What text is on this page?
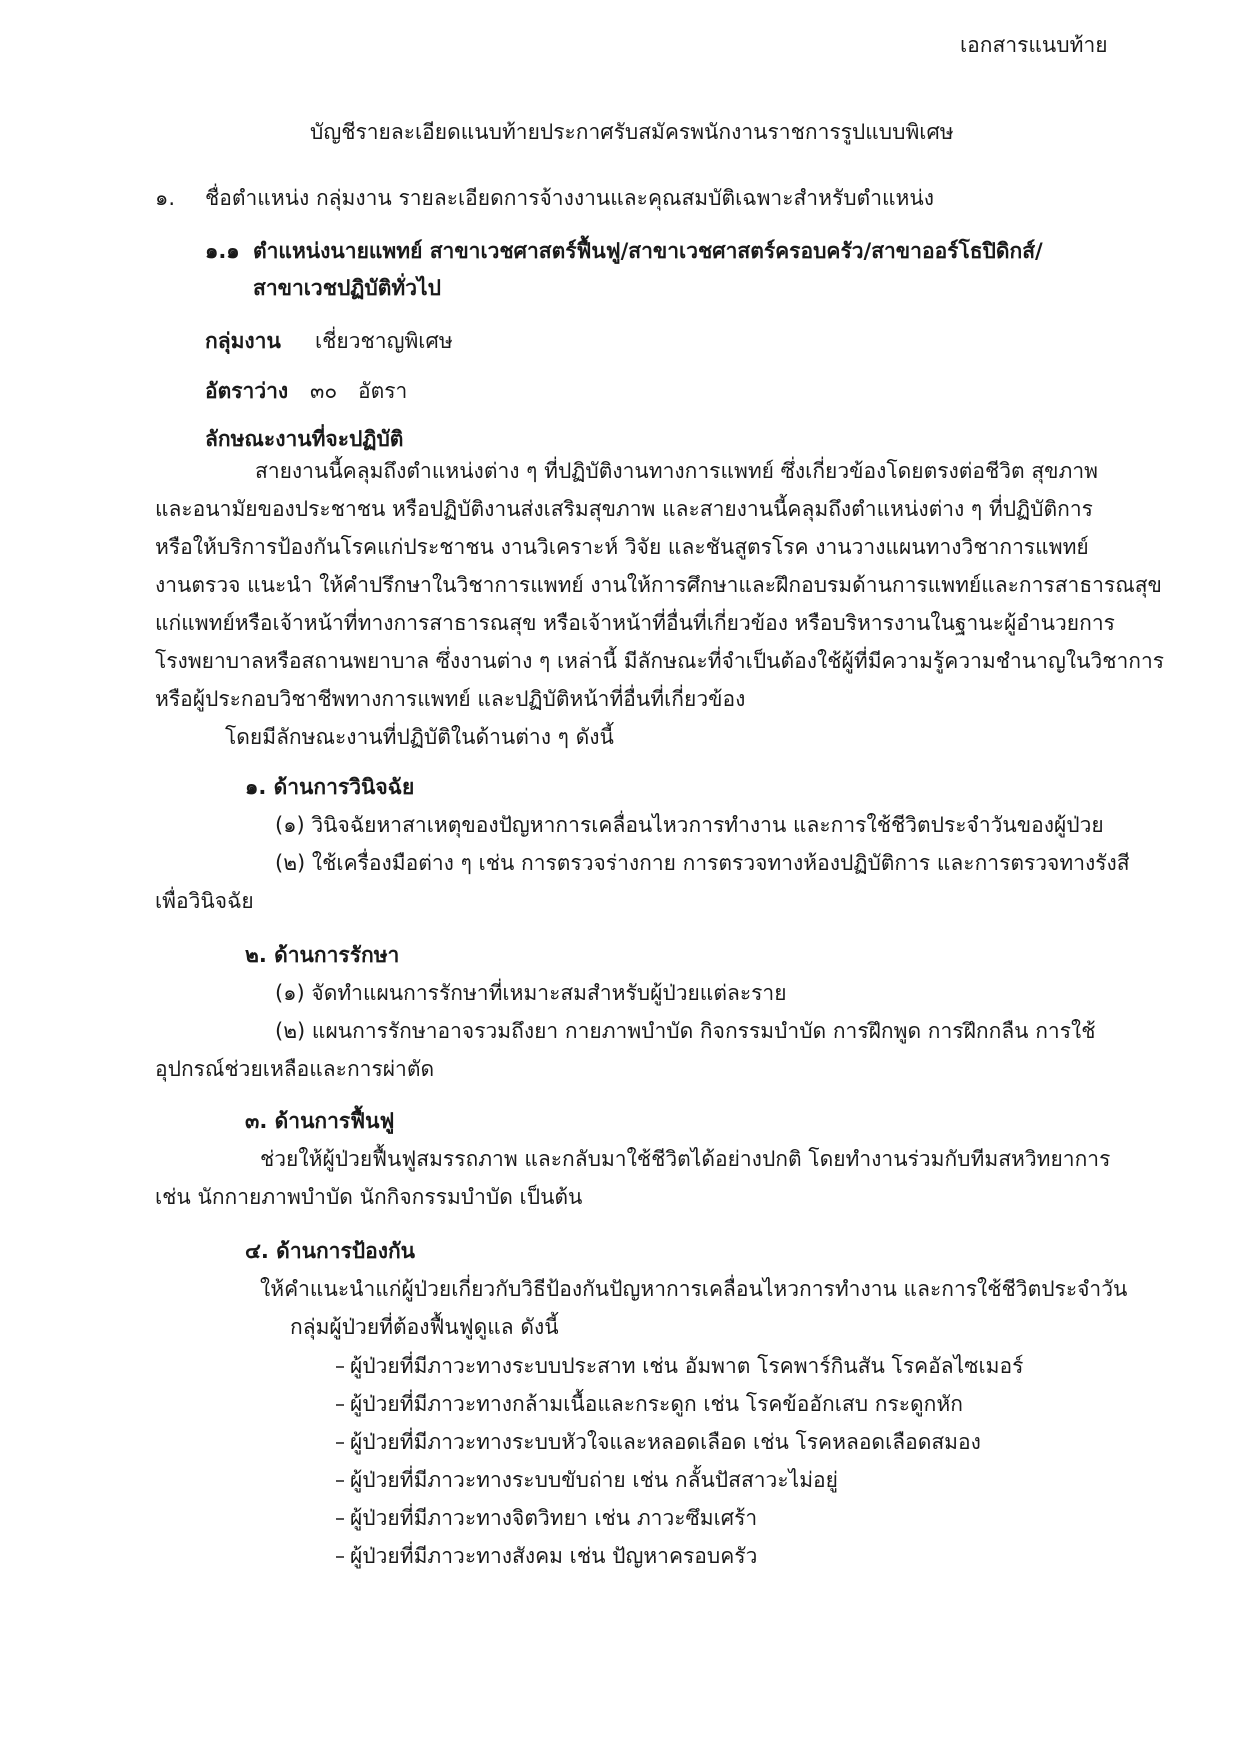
เอกสารแนบท้าย
บัญชีรายละเอียดแนบท้ายประกาศรับสมัครพนักงานราชการรูปแบบพิเศษ
๑. ชื่อตำแหน่ง กลุ่มงาน รายละเอียดการจ้างงานและคุณสมบัติเฉพาะสำหรับตำแหน่ง
๑.๑ ตำแหน่งนายแพทย์ สาขาเวชศาสตร์ฟื้นฟู/สาขาเวชศาสตร์ครอบครัว/สาขาออร์โธปิดิกส์/
สาขาเวชปฏิบัติทั่วไป
กลุ่มงาน เชี่ยวชาญพิเศษ
อัตราว่าง ๓๐ อัตรา
ลักษณะงานที่จะปฏิบัติ
สายงานนี้คลุมถึงตำแหน่งต่าง ๆ ที่ปฏิบัติงานทางการแพทย์ ซึ่งเกี่ยวข้องโดยตรงต่อชีวิต สุขภาพ
และอนามัยของประชาชน หรือปฏิบัติงานส่งเสริมสุขภาพ และสายงานนี้คลุมถึงตำแหน่งต่าง ๆ ที่ปฏิบัติการ
หรือให้บริการป้องกันโรคแก่ประชาชน งานวิเคราะห์ วิจัย และชันสูตรโรค งานวางแผนทางวิชาการแพทย์
งานตรวจ แนะนำ ให้คำปรึกษาในวิชาการแพทย์ งานให้การศึกษาและฝึกอบรมด้านการแพทย์และการสาธารณสุข
แก่แพทย์หรือเจ้าหน้าที่ทางการสาธารณสุข หรือเจ้าหน้าที่อื่นที่เกี่ยวข้อง หรือบริหารงานในฐานะผู้อำนวยการ
โรงพยาบาลหรือสถานพยาบาล ซึ่งงานต่าง ๆ เหล่านี้ มีลักษณะที่จำเป็นต้องใช้ผู้ที่มีความรู้ความชำนาญในวิชาการ
หรือผู้ประกอบวิชาชีพทางการแพทย์ และปฏิบัติหน้าที่อื่นที่เกี่ยวข้อง
โดยมีลักษณะงานที่ปฏิบัติในด้านต่าง ๆ ดังนี้
๑. ด้านการวินิจฉัย
(๑) วินิจฉัยหาสาเหตุของปัญหาการเคลื่อนไหวการทำงาน และการใช้ชีวิตประจำวันของผู้ป่วย
(๒) ใช้เครื่องมือต่าง ๆ เช่น การตรวจร่างกาย การตรวจทางห้องปฏิบัติการ และการตรวจทางรังสี
เพื่อวินิจฉัย
๒. ด้านการรักษา
(๑) จัดทำแผนการรักษาที่เหมาะสมสำหรับผู้ป่วยแต่ละราย
(๒) แผนการรักษาอาจรวมถึงยา กายภาพบำบัด กิจกรรมบำบัด การฝึกพูด การฝึกกลืน การใช้
อุปกรณ์ช่วยเหลือและการผ่าตัด
๓. ด้านการฟื้นฟู
ช่วยให้ผู้ป่วยฟื้นฟูสมรรถภาพ และกลับมาใช้ชีวิตได้อย่างปกติ โดยทำงานร่วมกับทีมสหวิทยาการ
เช่น นักกายภาพบำบัด นักกิจกรรมบำบัด เป็นต้น
๔. ด้านการป้องกัน
ให้คำแนะนำแก่ผู้ป่วยเกี่ยวกับวิธีป้องกันปัญหาการเคลื่อนไหวการทำงาน และการใช้ชีวิตประจำวัน
กลุ่มผู้ป่วยที่ต้องฟื้นฟูดูแล ดังนี้
ผู้ป่วยที่มีภาวะทางระบบประสาท เช่น อัมพาต โรคพาร์กินสัน โรคอัลไซเมอร์
ผู้ป่วยที่มีภาวะทางกล้ามเนื้อและกระดูก เช่น โรคข้ออักเสบ กระดูกหัก
ผู้ป่วยที่มีภาวะทางระบบหัวใจและหลอดเลือด เช่น โรคหลอดเลือดสมอง
ผู้ป่วยที่มีภาวะทางระบบขับถ่าย เช่น กลั้นปัสสาวะไม่อยู่
ผู้ป่วยที่มีภาวะทางจิตวิทยา เช่น ภาวะซึมเศร้า
ผู้ป่วยที่มีภาวะทางสังคม เช่น ปัญหาครอบครัว
